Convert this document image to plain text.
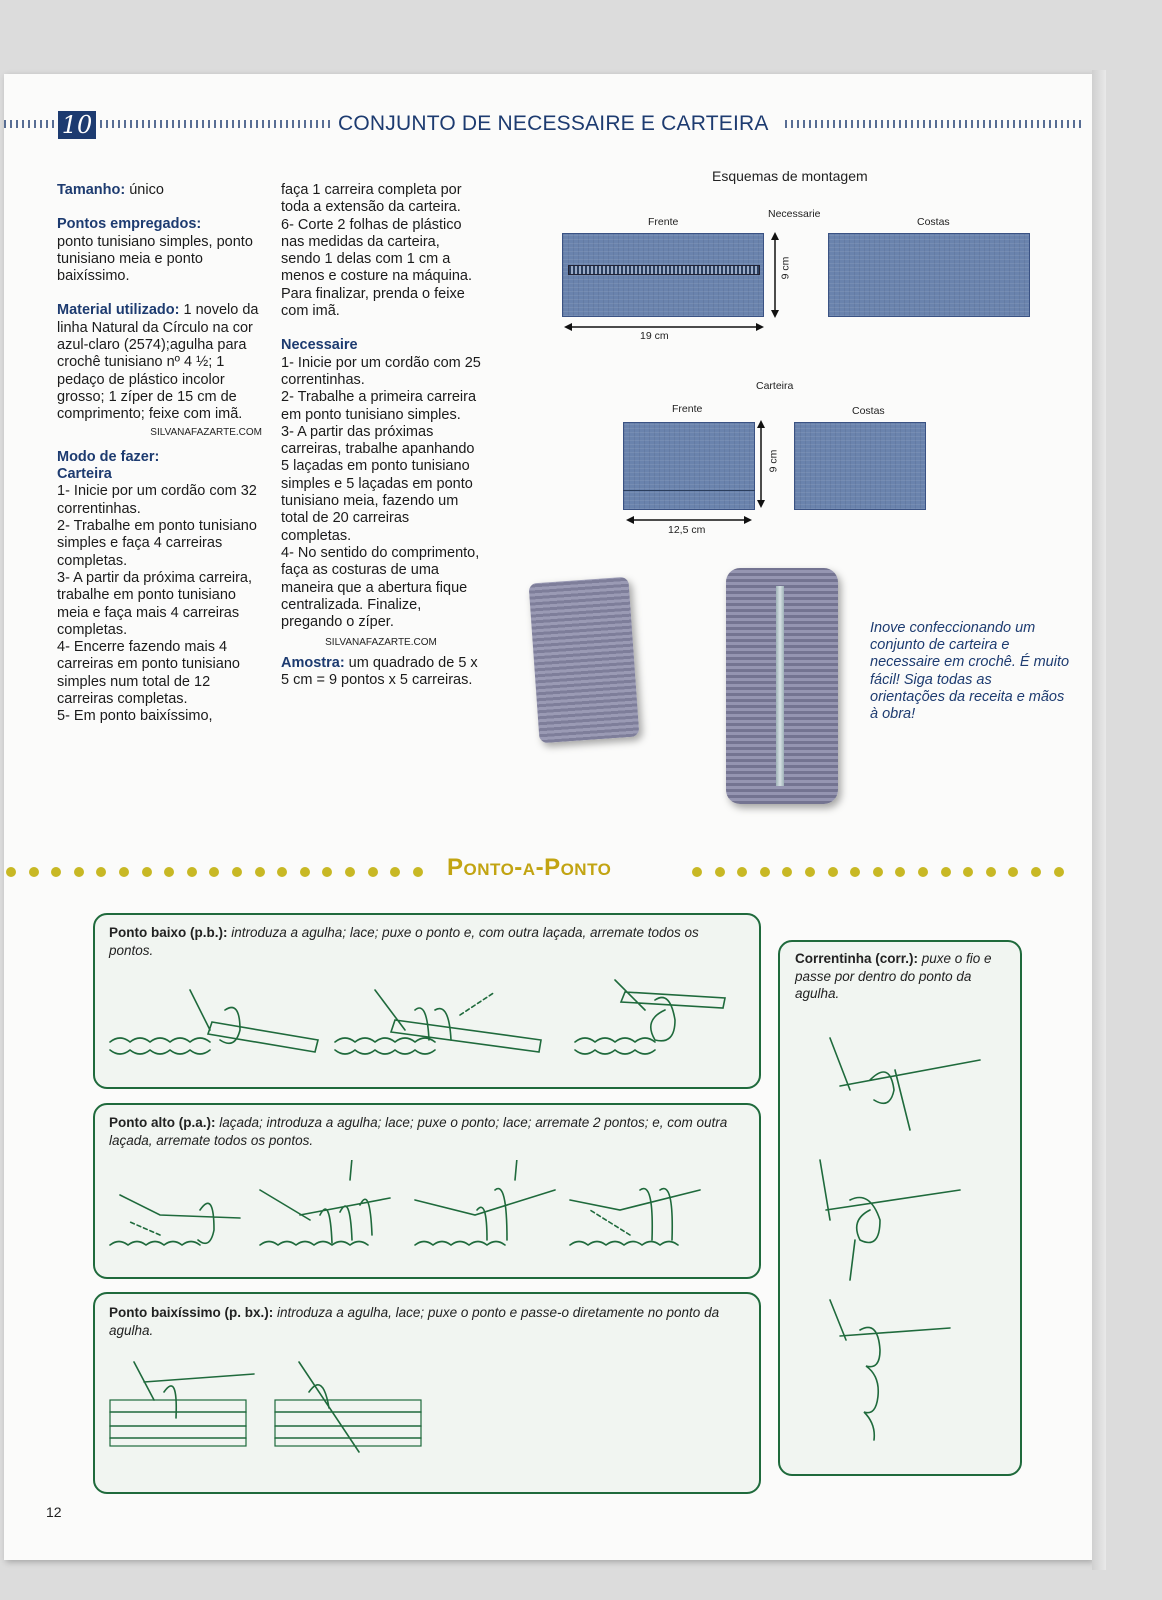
10	CONJUNTO DE NECESSAIRE E CARTEIRA

Tamanho: único

Pontos empregados:
ponto tunisiano simples, ponto tunisiano meia e ponto baixíssimo.

Material utilizado: 1 novelo da linha Natural da Círculo na cor azul-claro (2574);agulha para crochê tunisiano nº 4 ½; 1 pedaço de plástico incolor grosso; 1 zíper de 15 cm de comprimento; feixe com imã.

SILVANAFAZARTE.COM
Modo de fazer:
Carteira
1- Inicie por um cordão com 32 correntinhas.
2- Trabalhe em ponto tunisiano simples e faça 4 carreiras completas.
3- A partir da próxima carreira, trabalhe em ponto tunisiano meia e faça mais 4 carreiras completas.
4- Encerre fazendo mais 4 carreiras em ponto tunisiano simples num total de 12 carreiras completas.
5- Em ponto baixíssimo,
faça 1 carreira completa por toda a extensão da carteira.
6- Corte 2 folhas de plástico nas medidas da carteira, sendo 1 delas com 1 cm a menos e costure na máquina. Para finalizar, prenda o feixe com imã.
Necessaire
1- Inicie por um cordão com 25 correntinhas.
2- Trabalhe a primeira carreira em ponto tunisiano simples.
3- A partir das próximas carreiras, trabalhe apanhando 5 laçadas em ponto tunisiano simples e 5 laçadas em ponto tunisiano meia, fazendo um total de 20 carreiras completas.
4- No sentido do comprimento, faça as costuras de uma maneira que a abertura fique centralizada. Finalize, pregando o zíper.
SILVANAFAZARTE.COM
Amostra: um quadrado de 5 x 5 cm = 9 pontos x 5 carreiras.
Esquemas de montagem
Necessarie
Frente	Costas
9 cm
19 cm
Carteira
Frente	Costas
9 cm
12,5 cm
Inove confeccionando um conjunto de carteira e necessaire em crochê. É muito fácil! Siga todas as orientações da receita e mãos à obra!
Ponto-a-Ponto
Ponto baixo (p.b.): introduza a agulha; lace; puxe o ponto e, com outra laçada, arremate todos os pontos.
Ponto alto (p.a.): laçada; introduza a agulha; lace; puxe o ponto; lace; arremate 2 pontos; e, com outra laçada, arremate todos os pontos.
Ponto baixíssimo (p. bx.): introduza a agulha, lace; puxe o ponto e passe-o diretamente no ponto da agulha.
Correntinha (corr.): puxe o fio e passe por dentro do ponto da agulha.
12
